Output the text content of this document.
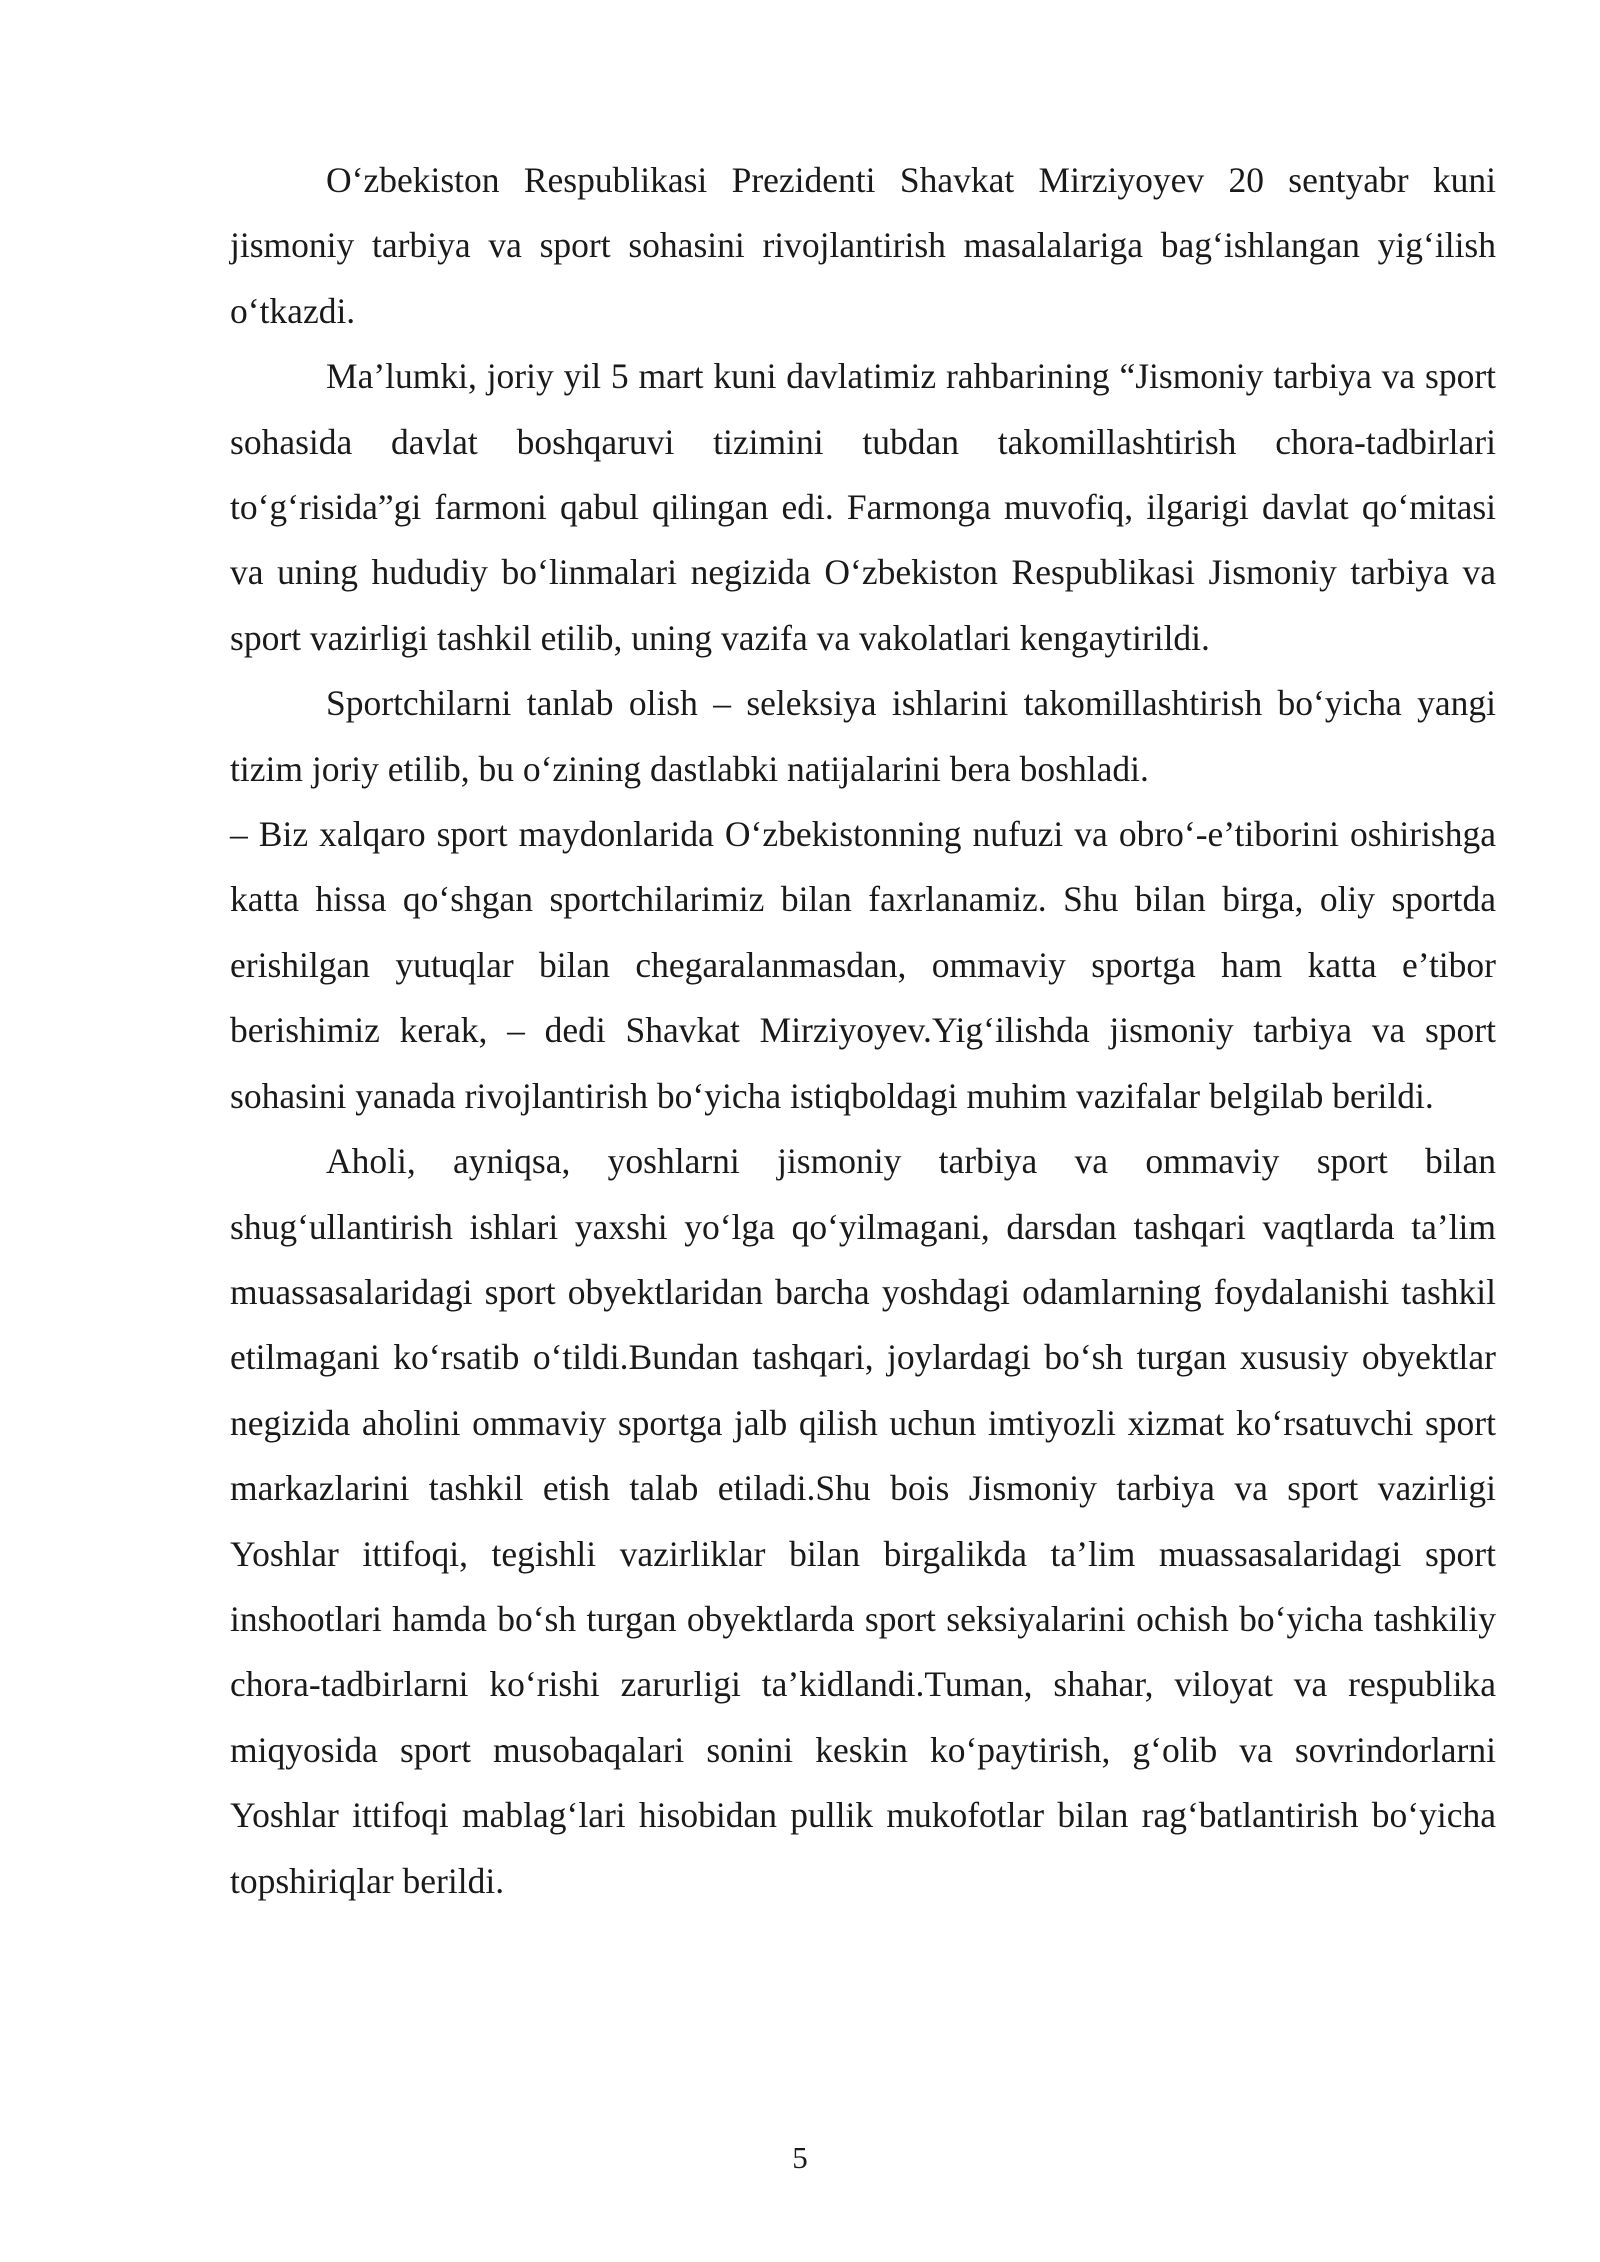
O‘zbekiston Respublikasi Prezidenti Shavkat Mirziyoyev 20 sentyabr kuni jismoniy tarbiya va sport sohasini rivojlantirish masalalariga bag‘ishlangan yig‘ilish o‘tkazdi.

Ma’lumki, joriy yil 5 mart kuni davlatimiz rahbarining “Jismoniy tarbiya va sport sohasida davlat boshqaruvi tizimini tubdan takomillashtirish chora-tadbirlari to‘g‘risida”gi farmoni qabul qilingan edi. Farmonga muvofiq, ilgarigi davlat qo‘mitasi va uning hududiy bo‘linmalari negizida O‘zbekiston Respublikasi Jismoniy tarbiya va sport vazirligi tashkil etilib, uning vazifa va vakolatlari kengaytirildi.

Sportchilarni tanlab olish – seleksiya ishlarini takomillashtirish bo‘yicha yangi tizim joriy etilib, bu o‘zining dastlabki natijalarini bera boshladi.

– Biz xalqaro sport maydonlarida O‘zbekistonning nufuzi va obro‘-e’tiborini oshirishga katta hissa qo‘shgan sportchilarimiz bilan faxrlanamiz. Shu bilan birga, oliy sportda erishilgan yutuqlar bilan chegaralanmasdan, ommaviy sportga ham katta e’tibor berishimiz kerak, – dedi Shavkat Mirziyoyev.Yig‘ilishda jismoniy tarbiya va sport sohasini yanada rivojlantirish bo‘yicha istiqboldagi muhim vazifalar belgilab berildi.

Aholi, ayniqsa, yoshlarni jismoniy tarbiya va ommaviy sport bilan shug‘ullantirish ishlari yaxshi yo‘lga qo‘yilmagani, darsdan tashqari vaqtlarda ta’lim muassasalaridagi sport obyektlaridan barcha yoshdagi odamlarning foydalanishi tashkil etilmagani ko‘rsatib o‘tildi.Bundan tashqari, joylardagi bo‘sh turgan xususiy obyektlar negizida aholini ommaviy sportga jalb qilish uchun imtiyozli xizmat ko‘rsatuvchi sport markazlarini tashkil etish talab etiladi.Shu bois Jismoniy tarbiya va sport vazirligi Yoshlar ittifoqi, tegishli vazirliklar bilan birgalikda ta’lim muassasalaridagi sport inshootlari hamda bo‘sh turgan obyektlarda sport seksiyalarini ochish bo‘yicha tashkiliy chora-tadbirlarni ko‘rishi zarurligi ta’kidlandi.Tuman, shahar, viloyat va respublika miqyosida sport musobaqalari sonini keskin ko‘paytirish, g‘olib va sovrindorlarni Yoshlar ittifoqi mablag‘lari hisobidan pullik mukofotlar bilan rag‘batlantirish bo‘yicha topshiriqlar berildi.

5
